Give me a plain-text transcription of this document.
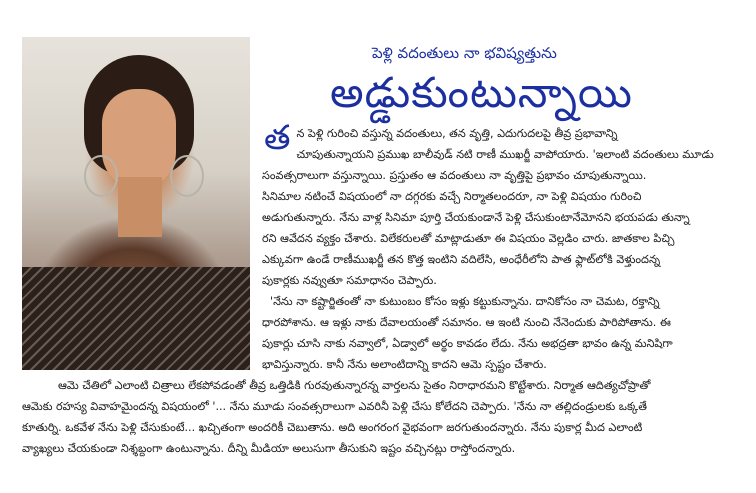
పెళ్లి వదంతులు నా భవిష్యత్తును
అడ్డుకుంటున్నాయి
త న పెళ్లి గురించి వస్తున్న వదంతులు, తన వృత్తి, ఎదుగుదలపై తీవ్ర ప్రభావాన్ని
చూపుతున్నాయని ప్రముఖ బాలీవుడ్ నటి రాణీ ముఖర్జీ వాపోయారు. 'ఇలాంటి వదంతులు మూడు
సంవత్సరాలుగా వస్తున్నాయి. ప్రస్తుతం ఆ వదంతులు నా వృత్తిపై ప్రభావం చూపుతున్నాయి.
సినిమాల నటించే విషయంలో నా దగ్గరకు వచ్చే నిర్మాతలందరూ, నా పెళ్లి విషయం గురించి
అడుగుతున్నారు. నేను వాళ్ల సినిమా పూర్తి చేయకుండానే పెళ్లి చేసుకుంటానేమోనని భయపడు తున్నా
రని ఆవేదన వ్యక్తం చేశారు. విలేకరులతో మాట్లాడుతూ ఈ విషయం వెల్లడిం చారు. జాతకాల పిచ్చి
ఎక్కువగా ఉండే రాణీముఖర్జీ తన కొత్త ఇంటిని వదిలేసి, అంధేరీలోని పాత ఫ్లాట్‌లోకి వెళ్తుందన్న
పుకార్లకు నవ్వుతూ సమాధానం చెప్పారు.
'నేను నా కష్టార్జితంతో నా కుటుంబం కోసం ఇళ్లు కట్టుకున్నాను. దానికోసం నా చెమట, రక్తాన్ని
ధారపోశాను. ఆ ఇళ్లు నాకు దేవాలయంతో సమానం. ఆ ఇంటి నుంచి నేనెందుకు పారిపోతాను. ఈ
పుకార్లు చూసి నాకు నవ్వాలో, ఏడ్వాలో అర్థం కావడం లేదు. నేను అభద్రతా భావం ఉన్న మనిషిగా
భావిస్తున్నారు. కానీ నేను అలాంటిదాన్ని కాదని ఆమె స్పష్టం చేశారు.
ఆమె చేతిలో ఎలాంటి చిత్రాలు లేకపోవడంతో తీవ్ర ఒత్తిడికి గురవుతున్నారన్న వార్తలను సైతం నిరాధారమని కొట్టేశారు. నిర్మాత ఆదిత్యచోప్రాతో
ఆమెకు రహస్య వివాహమైందన్న విషయంలో '... నేను మూడు సంవత్సరాలుగా ఎవరినీ పెళ్లి చేసు కోలేదని చెప్పారు. 'నేను నా తల్లిదండ్రులకు ఒక్కతే
కూతుర్ని. ఒకవేళ నేను పెళ్లి చేసుకుంటే... ఖచ్చితంగా అందరికీ చెబుతాను. అది అంగరంగ వైభవంగా జరగుతుందన్నారు. నేను పుకార్ల మీద ఎలాంటి
వ్యాఖ్యలు చేయకుండా నిశ్శబ్దంగా ఉంటున్నాను. దీన్ని మీడియా అలుసుగా తీసుకుని ఇష్టం వచ్చినట్లు రాస్తోందన్నారు.
